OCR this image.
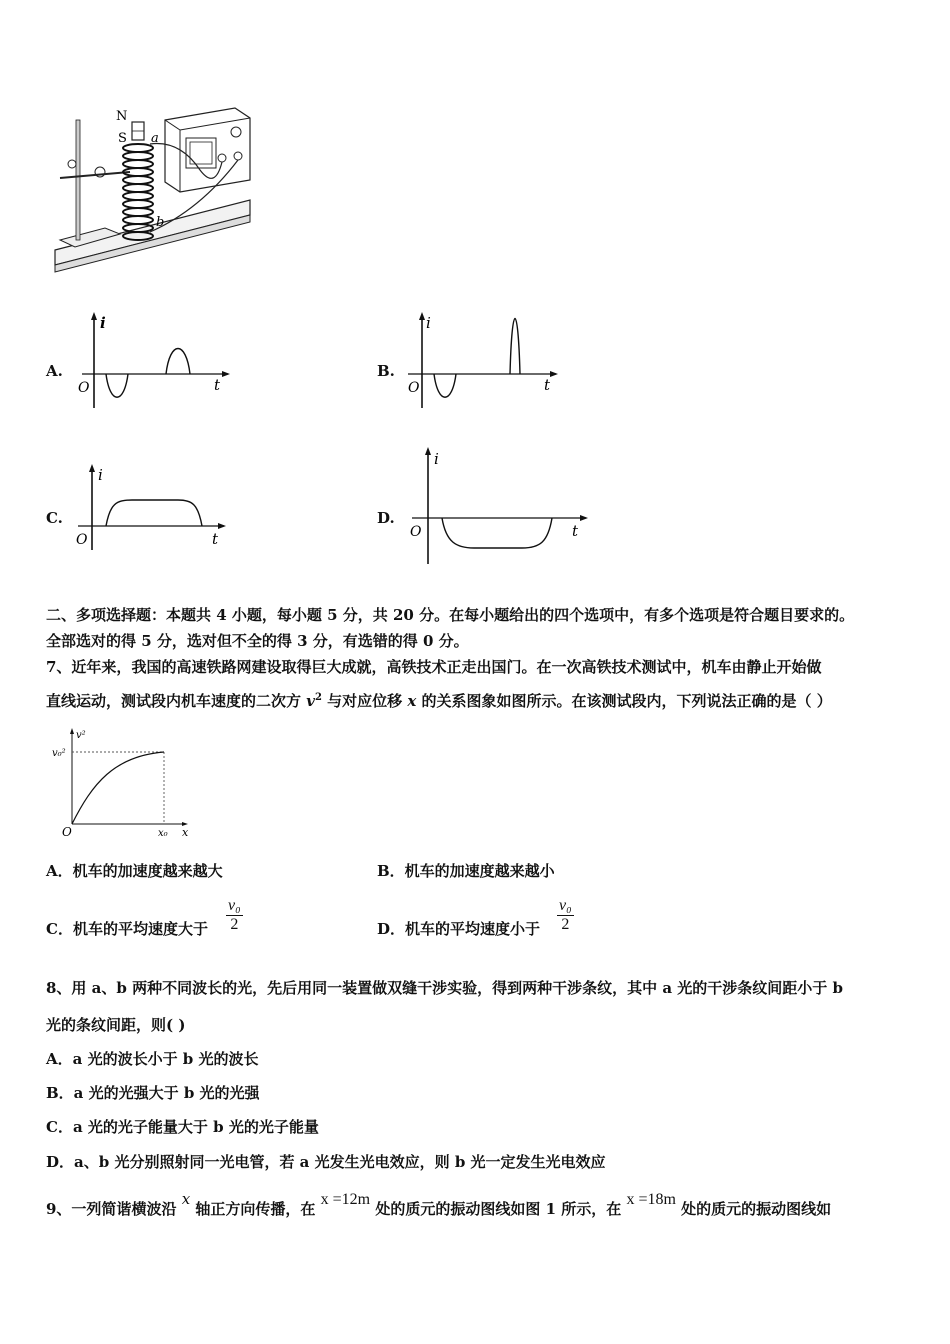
N
S a
b
A.
i
t
O
B.
i
t
O
C.
i
t
O
D.
i
t
O
二、多项选择题：本题共 4 小题，每小题 5 分，共 20 分。在每小题给出的四个选项中，有多个选项是符合题目要求的。
全部选对的得 5 分，选对但不全的得 3 分，有选错的得 0 分。
7、近年来，我国的高速铁路网建设取得巨大成就，高铁技术正走出国门。在一次高铁技术测试中，机车由静止开始做
直线运动，测试段内机车速度的二次方 $v^2$ 与对应位移 x 的关系图象如图所示。在该测试段内，下列说法正确的是（ ）
v²
v₀²
O	x₀ x
A．机车的加速度越来越大	B．机车的加速度越来越小
C．机车的平均速度大于 $\frac{\text{v₀}}{2}$	D．机车的平均速度小于 $\frac{\text{v₀}}{2}$
8、用 a、b 两种不同波长的光，先后用同一装置做双缝干涉实验，得到两种干涉条纹，其中 a 光的干涉条纹间距小于 b
光的条纹间距，则( )
A．a 光的波长小于 b 光的波长
B．a 光的光强大于 b 光的光强
C．a 光的光子能量大于 b 光的光子能量
D．a、b 光分别照射同一光电管，若 a 光发生光电效应，则 b 光一定发生光电效应
9、一列简谐横波沿 x 轴正方向传播，在 x =12m 处的质元的振动图线如图 1 所示，在 x =18m 处的质元的振动图线如
